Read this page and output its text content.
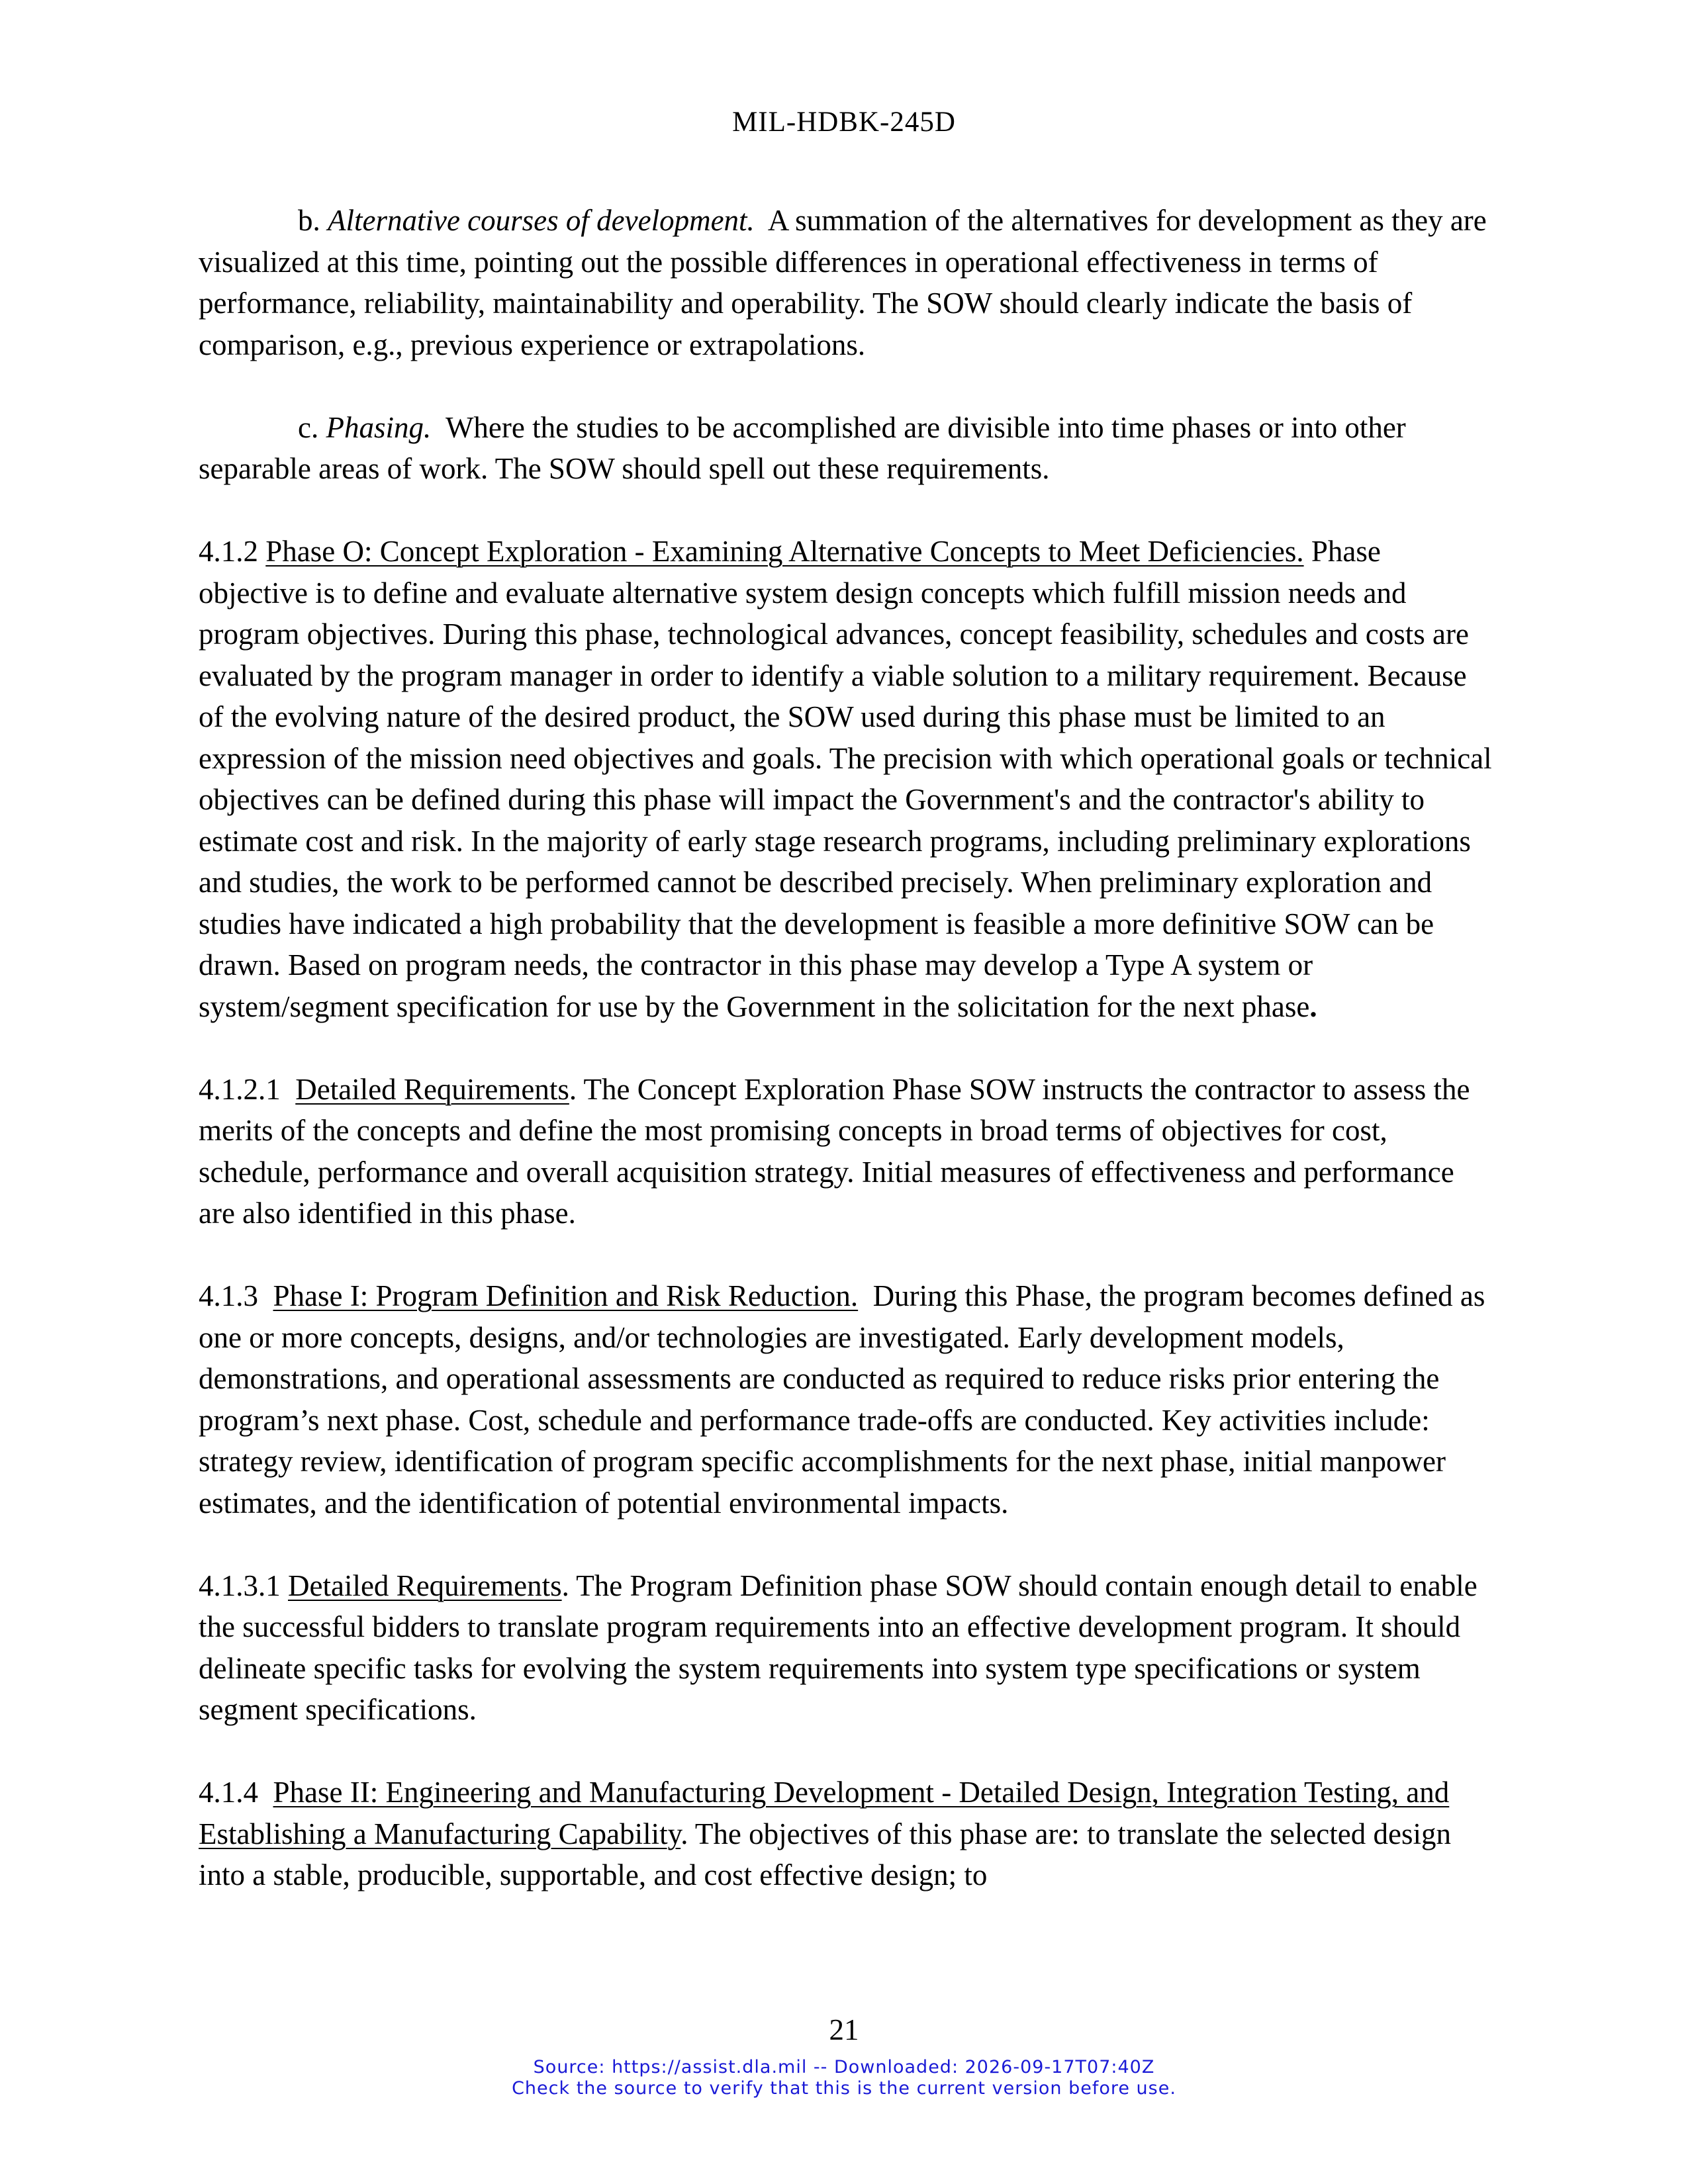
MIL-HDBK-245D

b. Alternative courses of development. A summation of the alternatives for development as they are visualized at this time, pointing out the possible differences in operational effectiveness in terms of performance, reliability, maintainability and operability. The SOW should clearly indicate the basis of comparison, e.g., previous experience or extrapolations.

c. Phasing. Where the studies to be accomplished are divisible into time phases or into other separable areas of work. The SOW should spell out these requirements.

4.1.2 Phase O: Concept Exploration - Examining Alternative Concepts to Meet Deficiencies. Phase objective is to define and evaluate alternative system design concepts which fulfill mission needs and program objectives. During this phase, technological advances, concept feasibility, schedules and costs are evaluated by the program manager in order to identify a viable solution to a military requirement. Because of the evolving nature of the desired product, the SOW used during this phase must be limited to an expression of the mission need objectives and goals. The precision with which operational goals or technical objectives can be defined during this phase will impact the Government's and the contractor's ability to estimate cost and risk. In the majority of early stage research programs, including preliminary explorations and studies, the work to be performed cannot be described precisely. When preliminary exploration and studies have indicated a high probability that the development is feasible a more definitive SOW can be drawn. Based on program needs, the contractor in this phase may develop a Type A system or system/segment specification for use by the Government in the solicitation for the next phase.

4.1.2.1 Detailed Requirements. The Concept Exploration Phase SOW instructs the contractor to assess the merits of the concepts and define the most promising concepts in broad terms of objectives for cost, schedule, performance and overall acquisition strategy. Initial measures of effectiveness and performance are also identified in this phase.

4.1.3 Phase I: Program Definition and Risk Reduction. During this Phase, the program becomes defined as one or more concepts, designs, and/or technologies are investigated. Early development models, demonstrations, and operational assessments are conducted as required to reduce risks prior entering the program’s next phase. Cost, schedule and performance trade-offs are conducted. Key activities include: strategy review, identification of program specific accomplishments for the next phase, initial manpower estimates, and the identification of potential environmental impacts.

4.1.3.1 Detailed Requirements. The Program Definition phase SOW should contain enough detail to enable the successful bidders to translate program requirements into an effective development program. It should delineate specific tasks for evolving the system requirements into system type specifications or system segment specifications.

4.1.4 Phase II: Engineering and Manufacturing Development - Detailed Design, Integration Testing, and Establishing a Manufacturing Capability. The objectives of this phase are: to translate the selected design into a stable, producible, supportable, and cost effective design; to

21
Source: https://assist.dla.mil -- Downloaded: 2026-09-17T07:40Z
Check the source to verify that this is the current version before use.
